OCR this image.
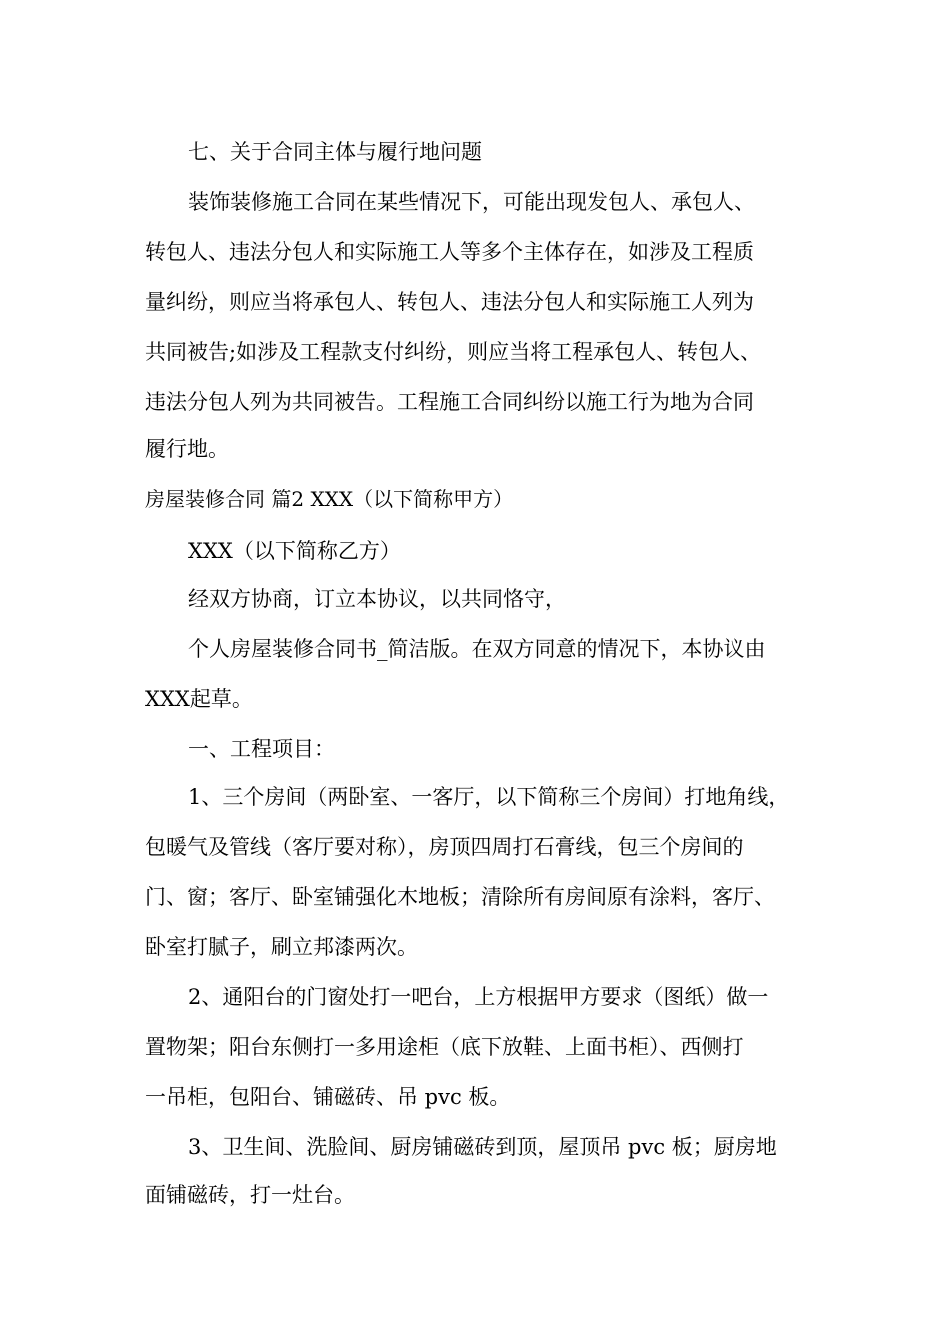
七、关于合同主体与履行地问题
装饰装修施工合同在某些情况下，可能出现发包人、承包人、
转包人、违法分包人和实际施工人等多个主体存在，如涉及工程质
量纠纷，则应当将承包人、转包人、违法分包人和实际施工人列为
共同被告;如涉及工程款支付纠纷，则应当将工程承包人、转包人、
违法分包人列为共同被告。工程施工合同纠纷以施工行为地为合同
履行地。
房屋装修合同 篇2 XXX（以下简称甲方）
XXX（以下简称乙方）
经双方协商，订立本协议，以共同恪守，
个人房屋装修合同书_简洁版。在双方同意的情况下，本协议由
XXX起草。
一、工程项目：
1、三个房间（两卧室、一客厅，以下简称三个房间）打地角线，
包暖气及管线（客厅要对称），房顶四周打石膏线，包三个房间的
门、窗；客厅、卧室铺强化木地板；清除所有房间原有涂料，客厅、
卧室打腻子，刷立邦漆两次。
2、通阳台的门窗处打一吧台，上方根据甲方要求（图纸）做一
置物架；阳台东侧打一多用途柜（底下放鞋、上面书柜）、西侧打
一吊柜，包阳台、铺磁砖、吊 pvc 板。
3、卫生间、洗脸间、厨房铺磁砖到顶，屋顶吊 pvc 板；厨房地
面铺磁砖，打一灶台。
